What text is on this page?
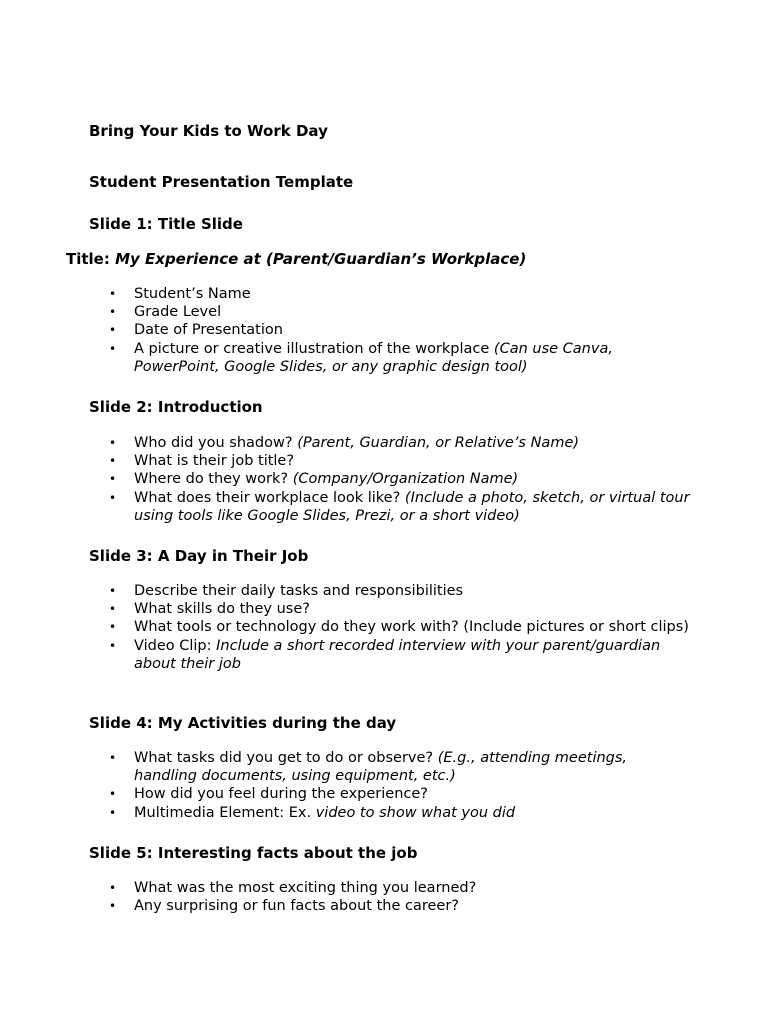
Bring Your Kids to Work Day
Student Presentation Template
Slide 1: Title Slide

Title: My Experience at (Parent/Guardian’s Workplace)

• Student’s Name
• Grade Level
• Date of Presentation
• A picture or creative illustration of the workplace (Can use Canva, PowerPoint, Google Slides, or any graphic design tool)
Slide 2: Introduction
• Who did you shadow? (Parent, Guardian, or Relative’s Name)
• What is their job title?
• Where do they work? (Company/Organization Name)
• What does their workplace look like? (Include a photo, sketch, or virtual tour using tools like Google Slides, Prezi, or a short video)
Slide 3: A Day in Their Job
• Describe their daily tasks and responsibilities
• What skills do they use?
• What tools or technology do they work with? (Include pictures or short clips)
• Video Clip: Include a short recorded interview with your parent/guardian about their job
Slide 4: My Activities during the day
• What tasks did you get to do or observe? (E.g., attending meetings, handling documents, using equipment, etc.)
• How did you feel during the experience?
• Multimedia Element: Ex. video to show what you did
Slide 5: Interesting facts about the job
• What was the most exciting thing you learned?
• Any surprising or fun facts about the career?
